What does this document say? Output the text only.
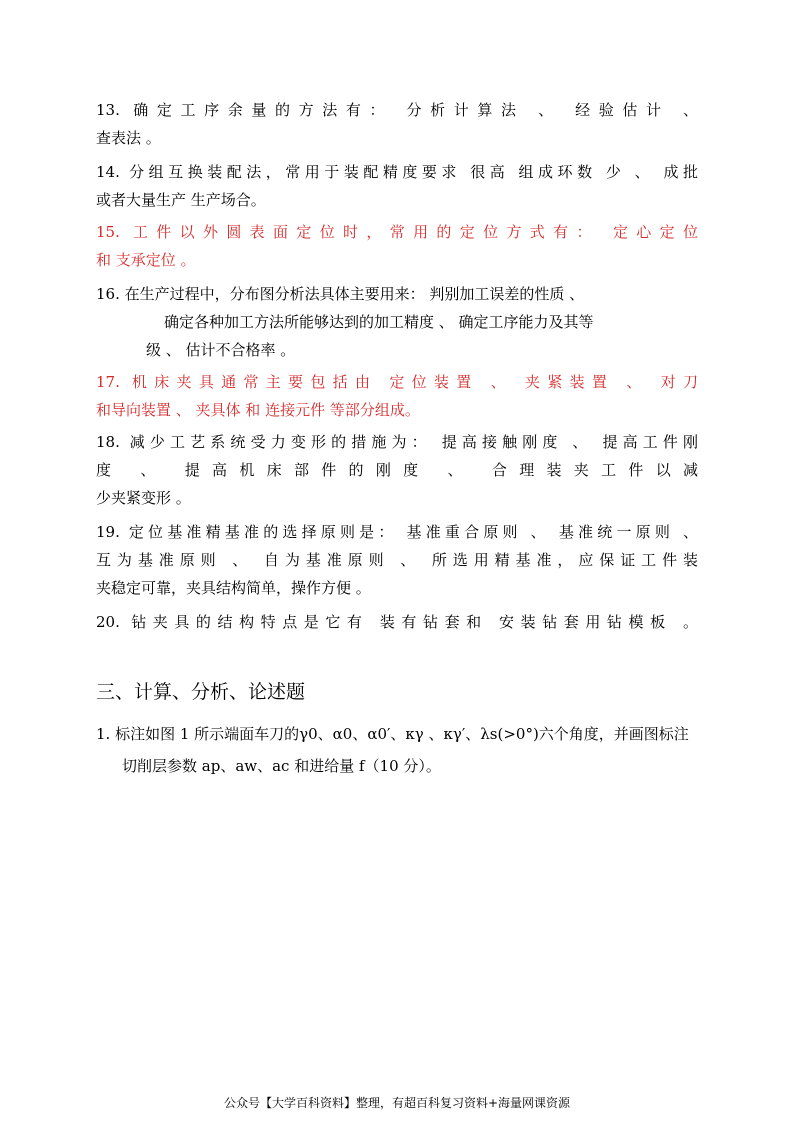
13. 确定工序余量的方法有： 分析计算法 、 经验估计 、

查表法 。

14. 分组互换装配法，常用于装配精度要求 很高 组成环数 少 、 成批

或者大量生产 生产场合。

15. 工件以外圆表面定位时，常用的定位方式有： 定心定位

和 支承定位 。

16. 在生产过程中，分布图分析法具体主要用来： 判别加工误差的性质 、

确定各种加工方法所能够达到的加工精度 、 确定工序能力及其等

级 、 估计不合格率 。

17. 机床夹具通常主要包括由 定位装置 、 夹紧装置 、 对刀

和导向装置 、 夹具体 和 连接元件 等部分组成。

18. 减少工艺系统受力变形的措施为： 提高接触刚度 、 提高工件刚

度 、 提高机床部件的刚度 、 合理装夹工件以减

少夹紧变形 。

19. 定位基准精基准的选择原则是： 基准重合原则 、 基准统一原则 、

互为基准原则 、 自为基准原则 、 所选用精基准，应保证工件装

夹稳定可靠，夹具结构简单，操作方便 。

20. 钻夹具的结构特点是它有 装有钻套和 安装钻套用钻模板 。

三、计算、分析、论述题
1. 标注如图 1 所示端面车刀的γ0、α0、α0′、κγ 、κγ′、λs(>0°)六个角度，并画图标注
切削层参数 ap、aw、ac 和进给量 f（10 分）。
公众号【大学百科资料】整理，有超百科复习资料+海量网课资源
